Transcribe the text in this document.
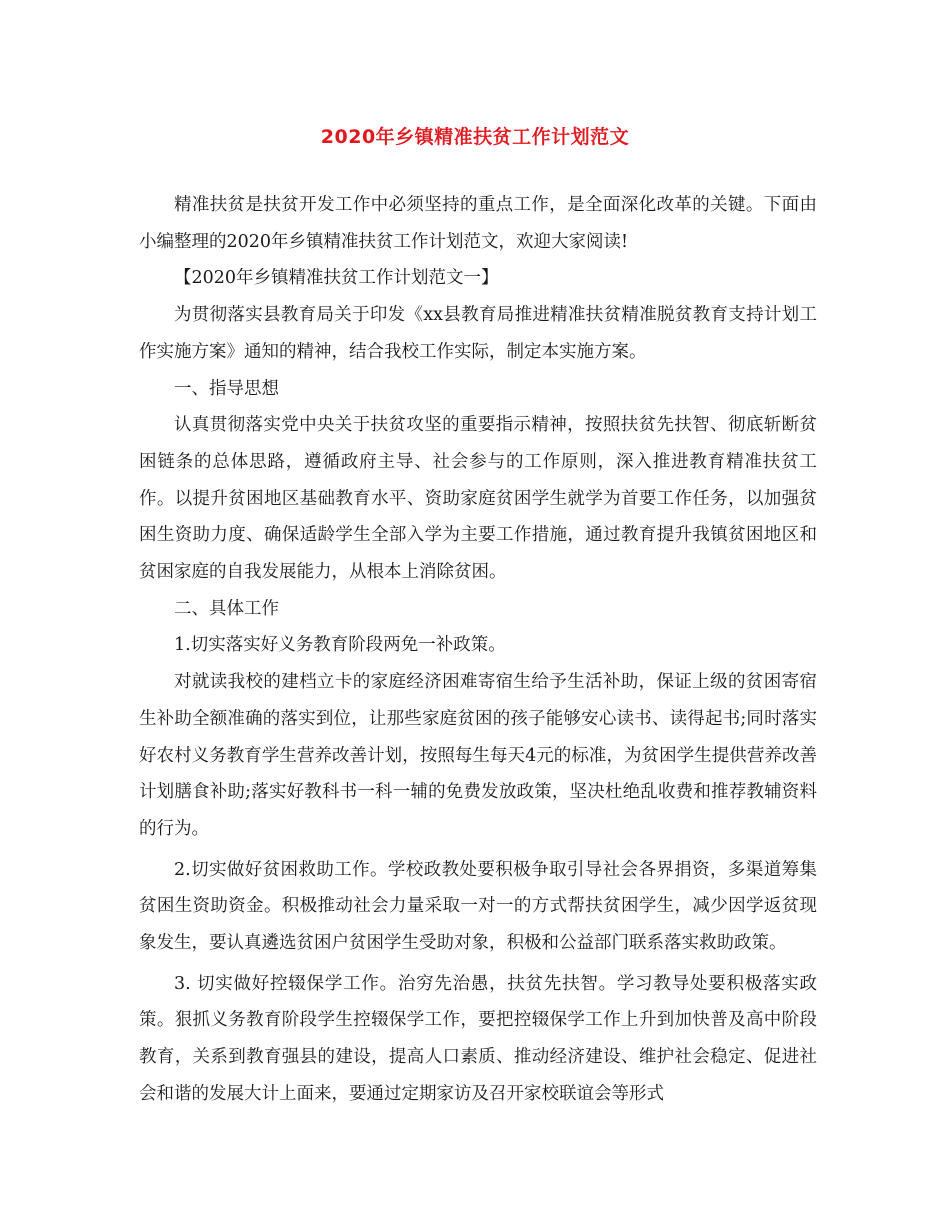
2020年乡镇精准扶贫工作计划范文

精准扶贫是扶贫开发工作中必须坚持的重点工作，是全面深化改革的关键。下面由小编整理的2020年乡镇精准扶贫工作计划范文，欢迎大家阅读!

【2020年乡镇精准扶贫工作计划范文一】

为贯彻落实县教育局关于印发《xx县教育局推进精准扶贫精准脱贫教育支持计划工作实施方案》通知的精神，结合我校工作实际，制定本实施方案。

一、指导思想

认真贯彻落实党中央关于扶贫攻坚的重要指示精神，按照扶贫先扶智、彻底斩断贫困链条的总体思路，遵循政府主导、社会参与的工作原则，深入推进教育精准扶贫工作。以提升贫困地区基础教育水平、资助家庭贫困学生就学为首要工作任务，以加强贫困生资助力度、确保适龄学生全部入学为主要工作措施，通过教育提升我镇贫困地区和贫困家庭的自我发展能力，从根本上消除贫困。

二、具体工作

1.切实落实好义务教育阶段两免一补政策。

对就读我校的建档立卡的家庭经济困难寄宿生给予生活补助，保证上级的贫困寄宿生补助全额准确的落实到位，让那些家庭贫困的孩子能够安心读书、读得起书;同时落实好农村义务教育学生营养改善计划，按照每生每天4元的标准，为贫困学生提供营养改善计划膳食补助;落实好教科书一科一辅的免费发放政策，坚决杜绝乱收费和推荐教辅资料的行为。

2.切实做好贫困救助工作。学校政教处要积极争取引导社会各界捐资，多渠道筹集贫困生资助资金。积极推动社会力量采取一对一的方式帮扶贫困学生，减少因学返贫现象发生，要认真遴选贫困户贫困学生受助对象，积极和公益部门联系落实救助政策。

3. 切实做好控辍保学工作。治穷先治愚，扶贫先扶智。学习教导处要积极落实政策。狠抓义务教育阶段学生控辍保学工作，要把控辍保学工作上升到加快普及高中阶段教育，关系到教育强县的建设，提高人口素质、推动经济建设、维护社会稳定、促进社会和谐的发展大计上面来，要通过定期家访及召开家校联谊会等形式
